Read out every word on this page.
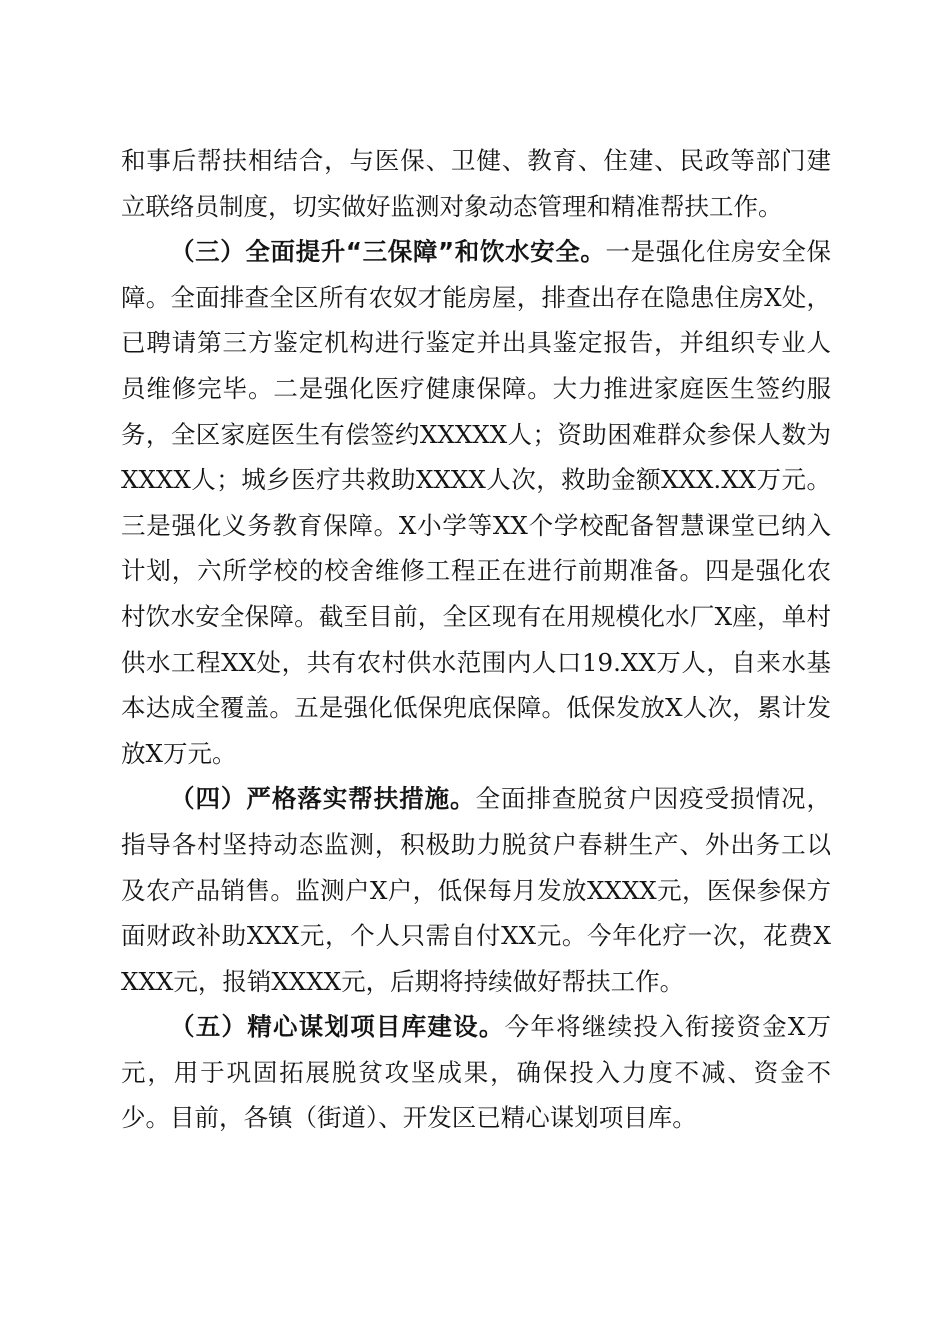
和事后帮扶相结合，与医保、卫健、教育、住建、民政等部门建立联络员制度，切实做好监测对象动态管理和精准帮扶工作。

（三）全面提升“三保障”和饮水安全。一是强化住房安全保障。全面排查全区所有农奴才能房屋，排查出存在隐患住房X处，已聘请第三方鉴定机构进行鉴定并出具鉴定报告，并组织专业人员维修完毕。二是强化医疗健康保障。大力推进家庭医生签约服务，全区家庭医生有偿签约XXXXX人；资助困难群众参保人数为XXXX人；城乡医疗共救助XXXX人次，救助金额XXX.XX万元。三是强化义务教育保障。X小学等XX个学校配备智慧课堂已纳入计划，六所学校的校舍维修工程正在进行前期准备。四是强化农村饮水安全保障。截至目前，全区现有在用规模化水厂X座，单村供水工程XX处，共有农村供水范围内人口19.XX万人，自来水基本达成全覆盖。五是强化低保兜底保障。低保发放X人次，累计发放X万元。

（四）严格落实帮扶措施。全面排查脱贫户因疫受损情况，指导各村坚持动态监测，积极助力脱贫户春耕生产、外出务工以及农产品销售。监测户X户，低保每月发放XXXX元，医保参保方面财政补助XXX元，个人只需自付XX元。今年化疗一次，花费XXXX元，报销XXXX元，后期将持续做好帮扶工作。

（五）精心谋划项目库建设。今年将继续投入衔接资金X万元，用于巩固拓展脱贫攻坚成果，确保投入力度不减、资金不少。目前，各镇（街道）、开发区已精心谋划项目库。
